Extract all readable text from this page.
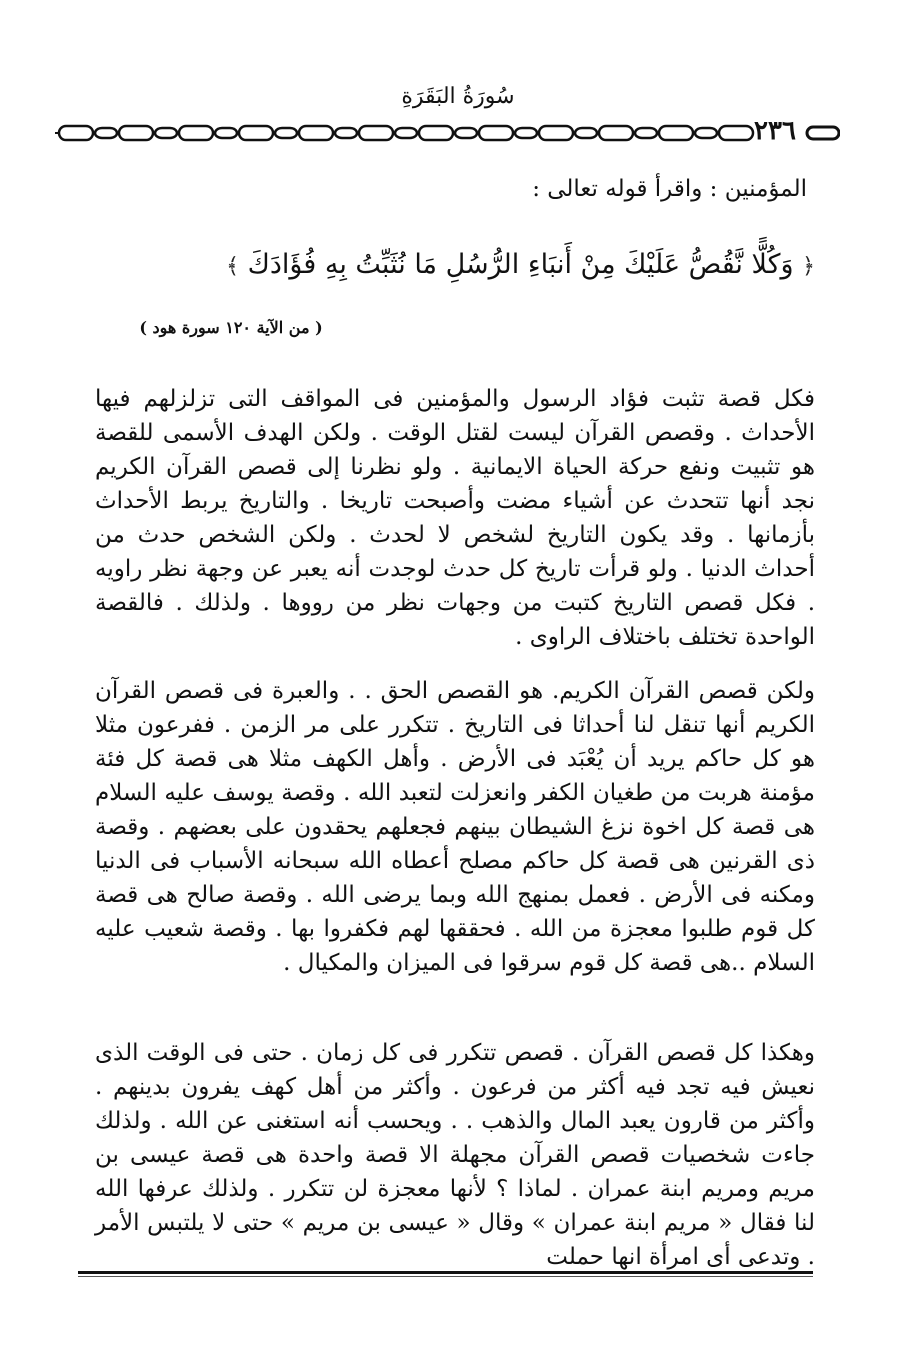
سُورَةُ البَقَرَةِ
٢٣٦
المؤمنين : واقرأ قوله تعالى :
﴿ وَكُلًّا نَّقُصُّ عَلَيْكَ مِنْ أَنبَاءِ الرُّسُلِ مَا نُثَبِّتُ بِهِ فُؤَادَكَ ﴾
( من الآية ١٢٠ سورة هود )
فكل قصة تثبت فؤاد الرسول والمؤمنين فى المواقف التى تزلزلهم فيها الأحداث . وقصص القرآن ليست لقتل الوقت . ولكن الهدف الأسمى للقصة هو تثبيت ونفع حركة الحياة الايمانية . ولو نظرنا إلى قصص القرآن الكريم نجد أنها تتحدث عن أشياء مضت وأصبحت تاريخا . والتاريخ يربط الأحداث بأزمانها . وقد يكون التاريخ لشخص لا لحدث . ولكن الشخص حدث من أحداث الدنيا . ولو قرأت تاريخ كل حدث لوجدت أنه يعبر عن وجهة نظر راويه . فكل قصص التاريخ كتبت من وجهات نظر من رووها . ولذلك . فالقصة الواحدة تختلف باختلاف الراوى .
ولكن قصص القرآن الكريم. هو القصص الحق . . والعبرة فى قصص القرآن الكريم أنها تنقل لنا أحداثا فى التاريخ . تتكرر على مر الزمن . ففرعون مثلا هو كل حاكم يريد أن يُعْبَد فى الأرض . وأهل الكهف مثلا هى قصة كل فئة مؤمنة هربت من طغيان الكفر وانعزلت لتعبد الله . وقصة يوسف عليه السلام هى قصة كل اخوة نزغ الشيطان بينهم فجعلهم يحقدون على بعضهم . وقصة ذى القرنين هى قصة كل حاكم مصلح أعطاه الله سبحانه الأسباب فى الدنيا ومكنه فى الأرض . فعمل بمنهج الله وبما يرضى الله . وقصة صالح هى قصة كل قوم طلبوا معجزة من الله . فحققها لهم فكفروا بها . وقصة شعيب عليه السلام ..هى قصة كل قوم سرقوا فى الميزان والمكيال .
وهكذا كل قصص القرآن . قصص تتكرر فى كل زمان . حتى فى الوقت الذى نعيش فيه تجد فيه أكثر من فرعون . وأكثر من أهل كهف يفرون بدينهم . وأكثر من قارون يعبد المال والذهب . . ويحسب أنه استغنى عن الله . ولذلك جاءت شخصيات قصص القرآن مجهلة الا قصة واحدة هى قصة عيسى بن مريم ومريم ابنة عمران . لماذا ؟ لأنها معجزة لن تتكرر . ولذلك عرفها الله لنا فقال « مريم ابنة عمران » وقال « عيسى بن مريم » حتى لا يلتبس الأمر . وتدعى أى امرأة انها حملت
